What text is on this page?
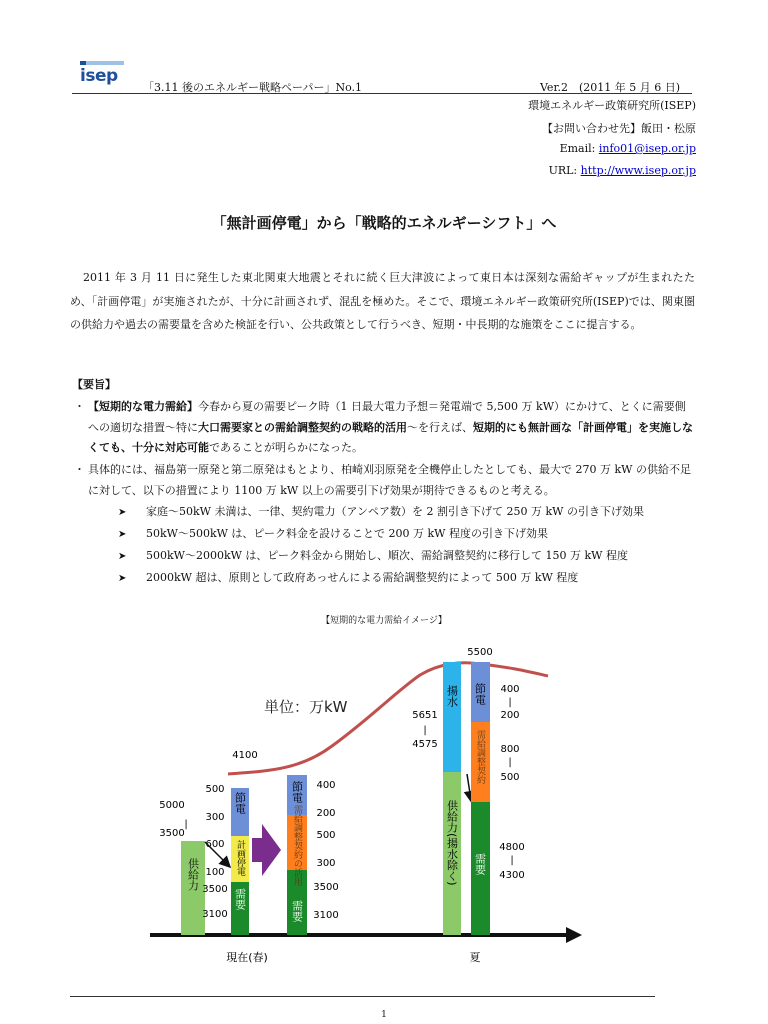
isep
「3.11 後のエネルギー戦略ペーパー」No.1	Ver.2　(2011 年 5 月 6 日)
環境エネルギー政策研究所(ISEP)
【お問い合わせ先】飯田・松原
Email: info01@isep.or.jp
URL: http://www.isep.or.jp
「無計画停電」から「戦略的エネルギーシフト」へ
2011 年 3 月 11 日に発生した東北関東大地震とそれに続く巨大津波によって東日本は深刻な需給ギャップが生まれたため、「計画停電」が実施されたが、十分に計画されず、混乱を極めた。そこで、環境エネルギー政策研究所(ISEP)では、関東圏の供給力や過去の需要量を含めた検証を行い、公共政策として行うべき、短期・中長期的な施策をここに提言する。
【要旨】
・ 【短期的な電力需給】今春から夏の需要ピーク時（1 日最大電力予想＝発電端で 5,500 万 kW）にかけて、とくに需要側への適切な措置～特に大口需要家との需給調整契約の戦略的活用～を行えば、短期的にも無計画な「計画停電」を実施しなくても、十分に対応可能であることが明らかになった。
・ 具体的には、福島第一原発と第二原発はもとより、柏崎刈羽原発を全機停止したとしても、最大で 270 万 kW の供給不足に対して、以下の措置により 1100 万 kW 以上の需要引下げ効果が期待できるものと考える。
➤ 家庭～50kW 未満は、一律、契約電力（アンペア数）を 2 割引き下げて 250 万 kW の引き下げ効果
➤ 50kW～500kW は、ピーク料金を設けることで 200 万 kW 程度の引き下げ効果
➤ 500kW～2000kW は、ピーク料金から開始し、順次、需給調整契約に移行して 150 万 kW 程度
➤ 2000kW 超は、原則として政府あっせんによる需給調整契約によって 500 万 kW 程度
【短期的な電力需給イメージ】
単位：万kW
供給力
5000
|
3500
節電
計画停電
需要
500
300
600
100
3500
3100
4100
節電
需給調整契約の活用
需要
400
200
500
300
3500
3100
揚水
供給力(揚水除く)
5500
5651
|
4575
節電
需給調整契約
需要
400
|
200
800
|
500
4800
|
4300
現在(春)	夏
1
